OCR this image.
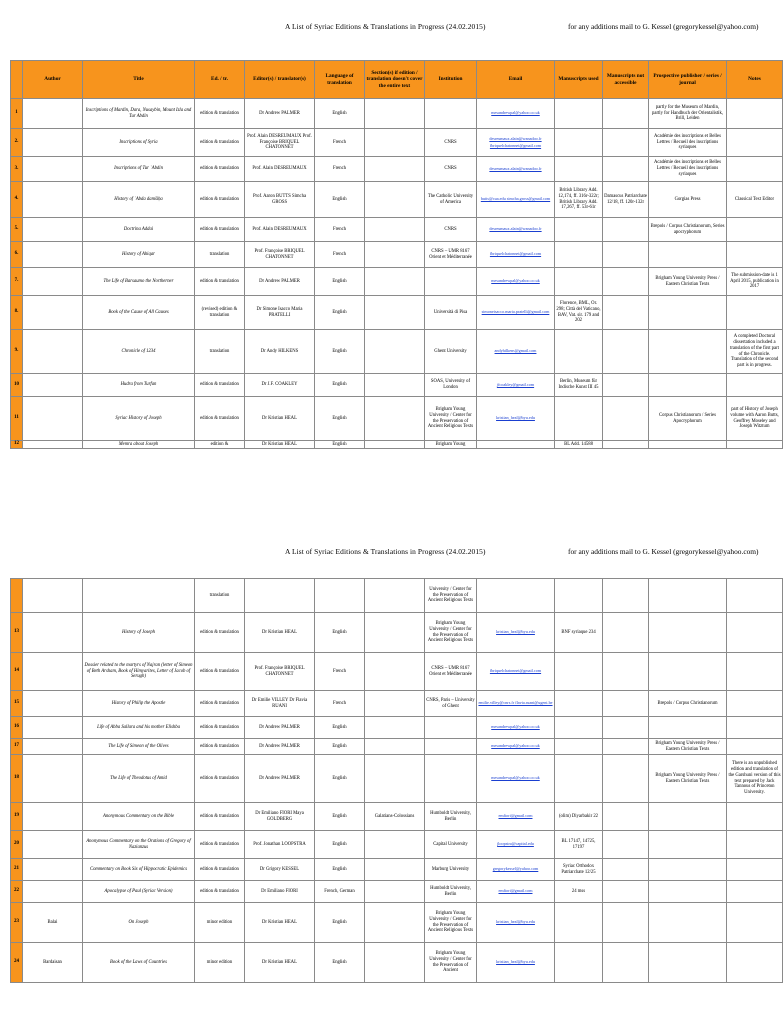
A List of Syriac Editions & Translations in Progress (24.02.2015)	for any additions mail to G. Kessel (gregorykessel@yahoo.com)
	Author	Title	Ed. / tr.	Editor(s) / translator(s)	Language of translation	Section(s) if edition / translation doesn't cover the entire text	Institution	Email	Manuscripts used	Manuscripts not accessible	Prospective publisher / series / journal	Notes
1		Inscriptions of Mardin, Dara, Nusaybin, Mount Izla and Tur Abdin	edition & translation	Dr Andrew PALMER	English			mesandrewpal@yahoo.co.uk			partly for the Museum of Mardin, partly for Handbuch der Orientalistik, Brill, Leiden	
2.		Inscriptions of Syria	edition & translation	Prof. Alain DESREUMAUX Prof. Françoise BRIQUEL CHATONNET	French		CNRS	desreumaux.alain@wanadoo.fr fbriquelchatonnet@gmail.com			Académie des inscriptions et Belles Lettres / Recueil des inscriptions syriaques	
3.		Inscriptions of Tur ʿAbdin	edition & translation	Prof. Alain DESREUMAUX	French		CNRS	desreumaux.alain@wanadoo.fr			Académie des inscriptions et Belles Lettres / Recueil des inscriptions syriaques	
4.		History of ʿAbda damšiḥa	edition & translation	Prof. Aaron BUTTS Simcha GROSS	English		The Catholic University of America	butts@cua.edu simcha.gross@gmail.com	British Library Add. 12,174, ff. 316r-322r; British Library Add. 17,267, ff. 53r-61r	Damascus Patriarchate 12/18, ff. 120r-132r	Gorgias Press	Classical Text Editor
5.		Doctrina Addai	edition & translation	Prof. Alain DESREUMAUX	French		CNRS	desreumaux.alain@wanadoo.fr			Brepols / Corpus Christianorum, Series apocryphorum	
6.		History of Ahiqar	translation	Prof. Françoise BRIQUEL CHATONNET	French		CNRS – UMR 8167 Orient et Méditerranée	fbriquelchatonnet@gmail.com				
7.		The Life of Barsaumo the Northerner	edition & translation	Dr Andrew PALMER	English			mesandrewpal@yahoo.co.uk			Brigham Young University Press / Eastern Christian Texts	The submission-date is 1 April 2015, publication in 2017
8.		Book of the Cause of All Causes	(revised) edition & translation	Dr Simone Isacco Maria PRATELLI	English		Università di Pisa	simoneisacco.maria.pratelli@gmail.com	Florence, BML, Or. 298; Città del Vaticano, BAV, Vat. sir. 179 and 202			
9.		Chronicle of 1234	translation	Dr Andy HILKENS	English		Ghent University	andyhilkens@gmail.com				A completed Doctoral dissertation included a translation of the first part of the Chronicle. Translation of the second part is in progress.
10		Hudra from Turfan	edition & translation	Dr J.F. COAKLEY	English		SOAS, University of London	jfcoakley@gmail.com	Berlin, Museum für Indische Kunst III 45			
11		Syriac History of Joseph	edition & translation	Dr Kristian HEAL	English		Brigham Young University / Center for the Preservation of Ancient Religious Texts	kristian_heal@byu.edu			Corpus Christianorum / Series Apocryphorum	part of History of Joseph volume with Aaron Butts, Geoffrey Moseley and Joseph Witztum
12		Memra about Joseph	edition &	Dr Kristian HEAL	English		Brigham Young		BL Add. 14588			
A List of Syriac Editions & Translations in Progress (24.02.2015)	for any additions mail to G. Kessel (gregorykessel@yahoo.com)
			translation				University / Center for the Preservation of Ancient Religious Texts					
13		History of Joseph	edition & translation	Dr Kristian HEAL	English		Brigham Young University / Center for the Preservation of Ancient Religious Texts	kristian_heal@byu.edu	BNF syriaque 234			
14		Dossier related to the martyrs of Najran (letter of Simeon of Beth Arsham, Book of Himyarites, Letter of Jacob of Serugh)	edition & translation	Prof. Françoise BRIQUEL CHATONNET	French		CNRS – UMR 8167 Orient et Méditerranée	fbriquelchatonnet@gmail.com				
15		History of Philip the Apostle	edition & translation	Dr Emilie VILLEY Dr Flavia RUANI	French		CNRS, Paris – University of Ghent	emilie.villey@cnrs.fr flavia.ruani@ugent.be			Brepols / Corpus Christianorum	
16		Life of Abba Sallara and his mother Elishba	edition & translation	Dr Andrew PALMER	English			mesandrewpal@yahoo.co.uk				
17		The Life of Simeon of the Olives	edition & translation	Dr Andrew PALMER	English			mesandrewpal@yahoo.co.uk			Brigham Young University Press / Eastern Christian Texts	
18		The Life of Theodotus of Amid	edition & translation	Dr Andrew PALMER	English			mesandrewpal@yahoo.co.uk			Brigham Young University Press / Eastern Christian Texts	There is an unpublished edition and translation of the Garshuni version of this text prepared by Jack Tannous of Princeton University.
19		Anonymous Commentary on the Bible	edition & translation	Dr Emiliano FIORI Maya GOLDBERG	English	Galatians-Colossians	Humboldt University, Berlin	emfiori@gmail.com	(olim) Diyarbakir 22			
20		Anonymous Commentary on the Orations of Gregory of Nazianzus	edition & translation	Prof. Jonathan LOOPSTRA	English		Capital University	jloopstra@capital.edu	BL 17147, 14725, 17197			
21		Commentary on Book Six of Hippocratic Epidemics	edition & translation	Dr Grigory KESSEL	English		Marburg University	gregorykessel@yahoo.com	Syriac Orthodox Patriarchate 12/25			
22		Apocalypse of Paul (Syriac Version)	edition & translation	Dr Emiliano FIORI	French, German		Humboldt University, Berlin	emfiori@gmail.com	24 mss			
23	Balai	On Joseph	minor edition	Dr Kristian HEAL	English		Brigham Young University / Center for the Preservation of Ancient Religious Texts	kristian_heal@byu.edu				
24	Bardaisan	Book of the Laws of Countries	minor edition	Dr Kristian HEAL	English		Brigham Young University / Center for the Preservation of Ancient	kristian_heal@byu.edu				
